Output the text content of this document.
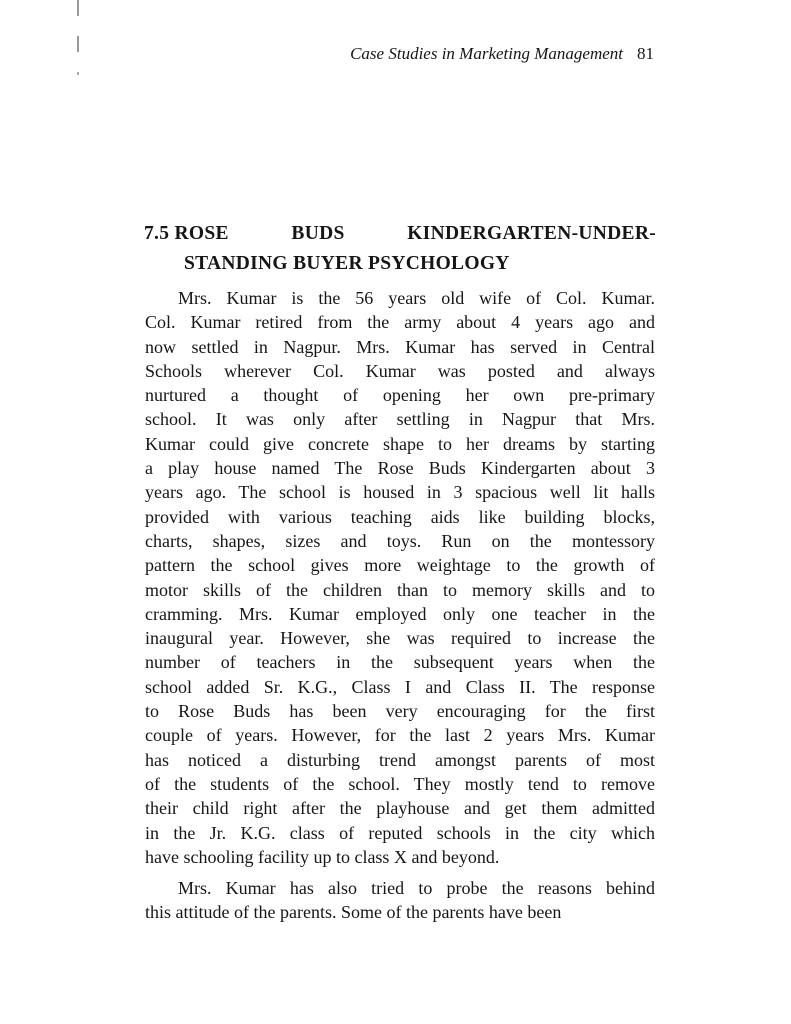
Case Studies in Marketing Management 81
7.5 ROSE	BUDS	KINDERGARTEN-UNDER-
STANDING BUYER PSYCHOLOGY

Mrs. Kumar is the 56 years old wife of Col. Kumar.
Col. Kumar retired from the army about 4 years ago and
now settled in Nagpur. Mrs. Kumar has served in Central
Schools wherever Col. Kumar was posted and always
nurtured a thought of opening her own pre-primary
school. It was only after settling in Nagpur that Mrs.
Kumar could give concrete shape to her dreams by starting
a play house named The Rose Buds Kindergarten about 3
years ago. The school is housed in 3 spacious well lit halls
provided with various teaching aids like building blocks,
charts, shapes, sizes and toys. Run on the montessory
pattern the school gives more weightage to the growth of
motor skills of the children than to memory skills and to
cramming. Mrs. Kumar employed only one teacher in the
inaugural year. However, she was required to increase the
number of teachers in the subsequent years when the
school added Sr. K.G., Class I and Class II. The response
to Rose Buds has been very encouraging for the first
couple of years. However, for the last 2 years Mrs. Kumar
has noticed a disturbing trend amongst parents of most
of the students of the school. They mostly tend to remove
their child right after the playhouse and get them admitted
in the Jr. K.G. class of reputed schools in the city which
have schooling facility up to class X and beyond.

Mrs. Kumar has also tried to probe the reasons behind
this attitude of the parents. Some of the parents have been
